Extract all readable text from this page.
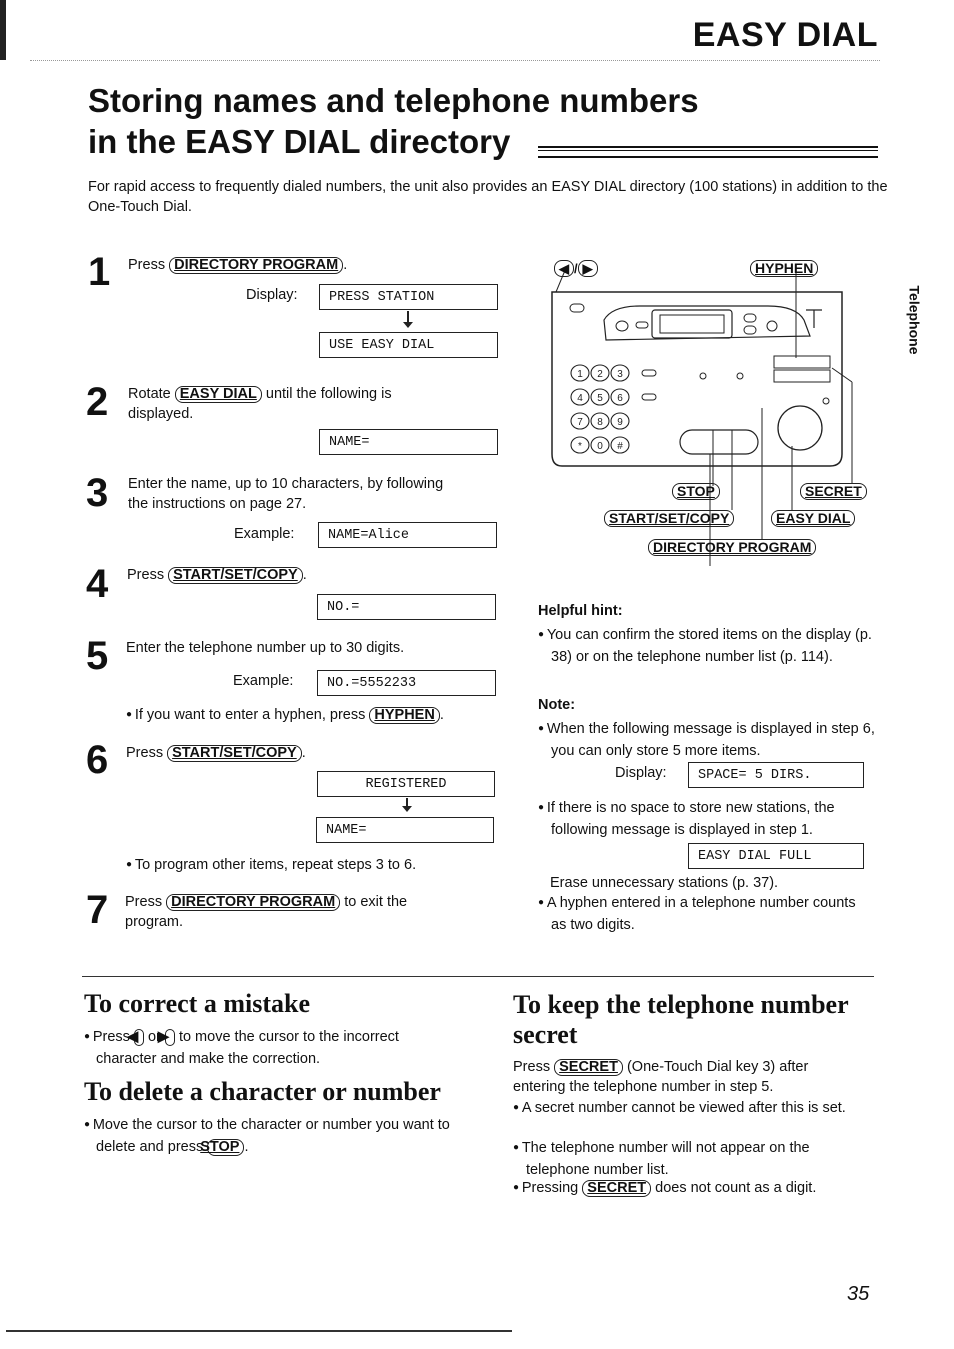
EASY DIAL
Storing names and telephone numbers
in the EASY DIAL directory
For rapid access to frequently dialed numbers, the unit also provides an EASY DIAL directory (100 stations) in addition to the One-Touch Dial.
Telephone
1 Press DIRECTORY PROGRAM .
Display:	PRESS STATION
USE EASY DIAL
2 Rotate EASY DIAL until the following is
displayed.
NAME=
3 Enter the name, up to 10 characters, by following
the instructions on page 27.
Example:	NAME=Alice
4 Press START/SET/COPY .
NO.=
5 Enter the telephone number up to 30 digits.
Example:	NO.=5552233
● If you want to enter a hyphen, press HYPHEN .
6 Press START/SET/COPY .
REGISTERED
NAME=
● To program other items, repeat steps 3 to 6.
7 Press DIRECTORY PROGRAM to exit the
program.
1 2 3
4 5 6
7 8 9
* 0 #
◀ / ▶	HYPHEN
STOP	SECRET
START/SET/COPY	EASY DIAL
DIRECTORY PROGRAM
Helpful hint:
● You can confirm the stored items on the display (p. 38) or on the telephone number list (p. 114).
Note:
● When the following message is displayed in step 6, you can only store 5 more items.
Display:	SPACE= 5 DIRS.
● If there is no space to store new stations, the following message is displayed in step 1.
EASY DIAL FULL
Erase unnecessary stations (p. 37).
● A hyphen entered in a telephone number counts as two digits.
To correct a mistake
● Press ◀ or ▶ to move the cursor to the incorrect character and make the correction.
To delete a character or number
● Move the cursor to the character or number you want to delete and press STOP .
To keep the telephone number secret
Press SECRET (One-Touch Dial key 3) after entering the telephone number in step 5.
● A secret number cannot be viewed after this is set.
● The telephone number will not appear on the telephone number list.
● Pressing SECRET does not count as a digit.
35
